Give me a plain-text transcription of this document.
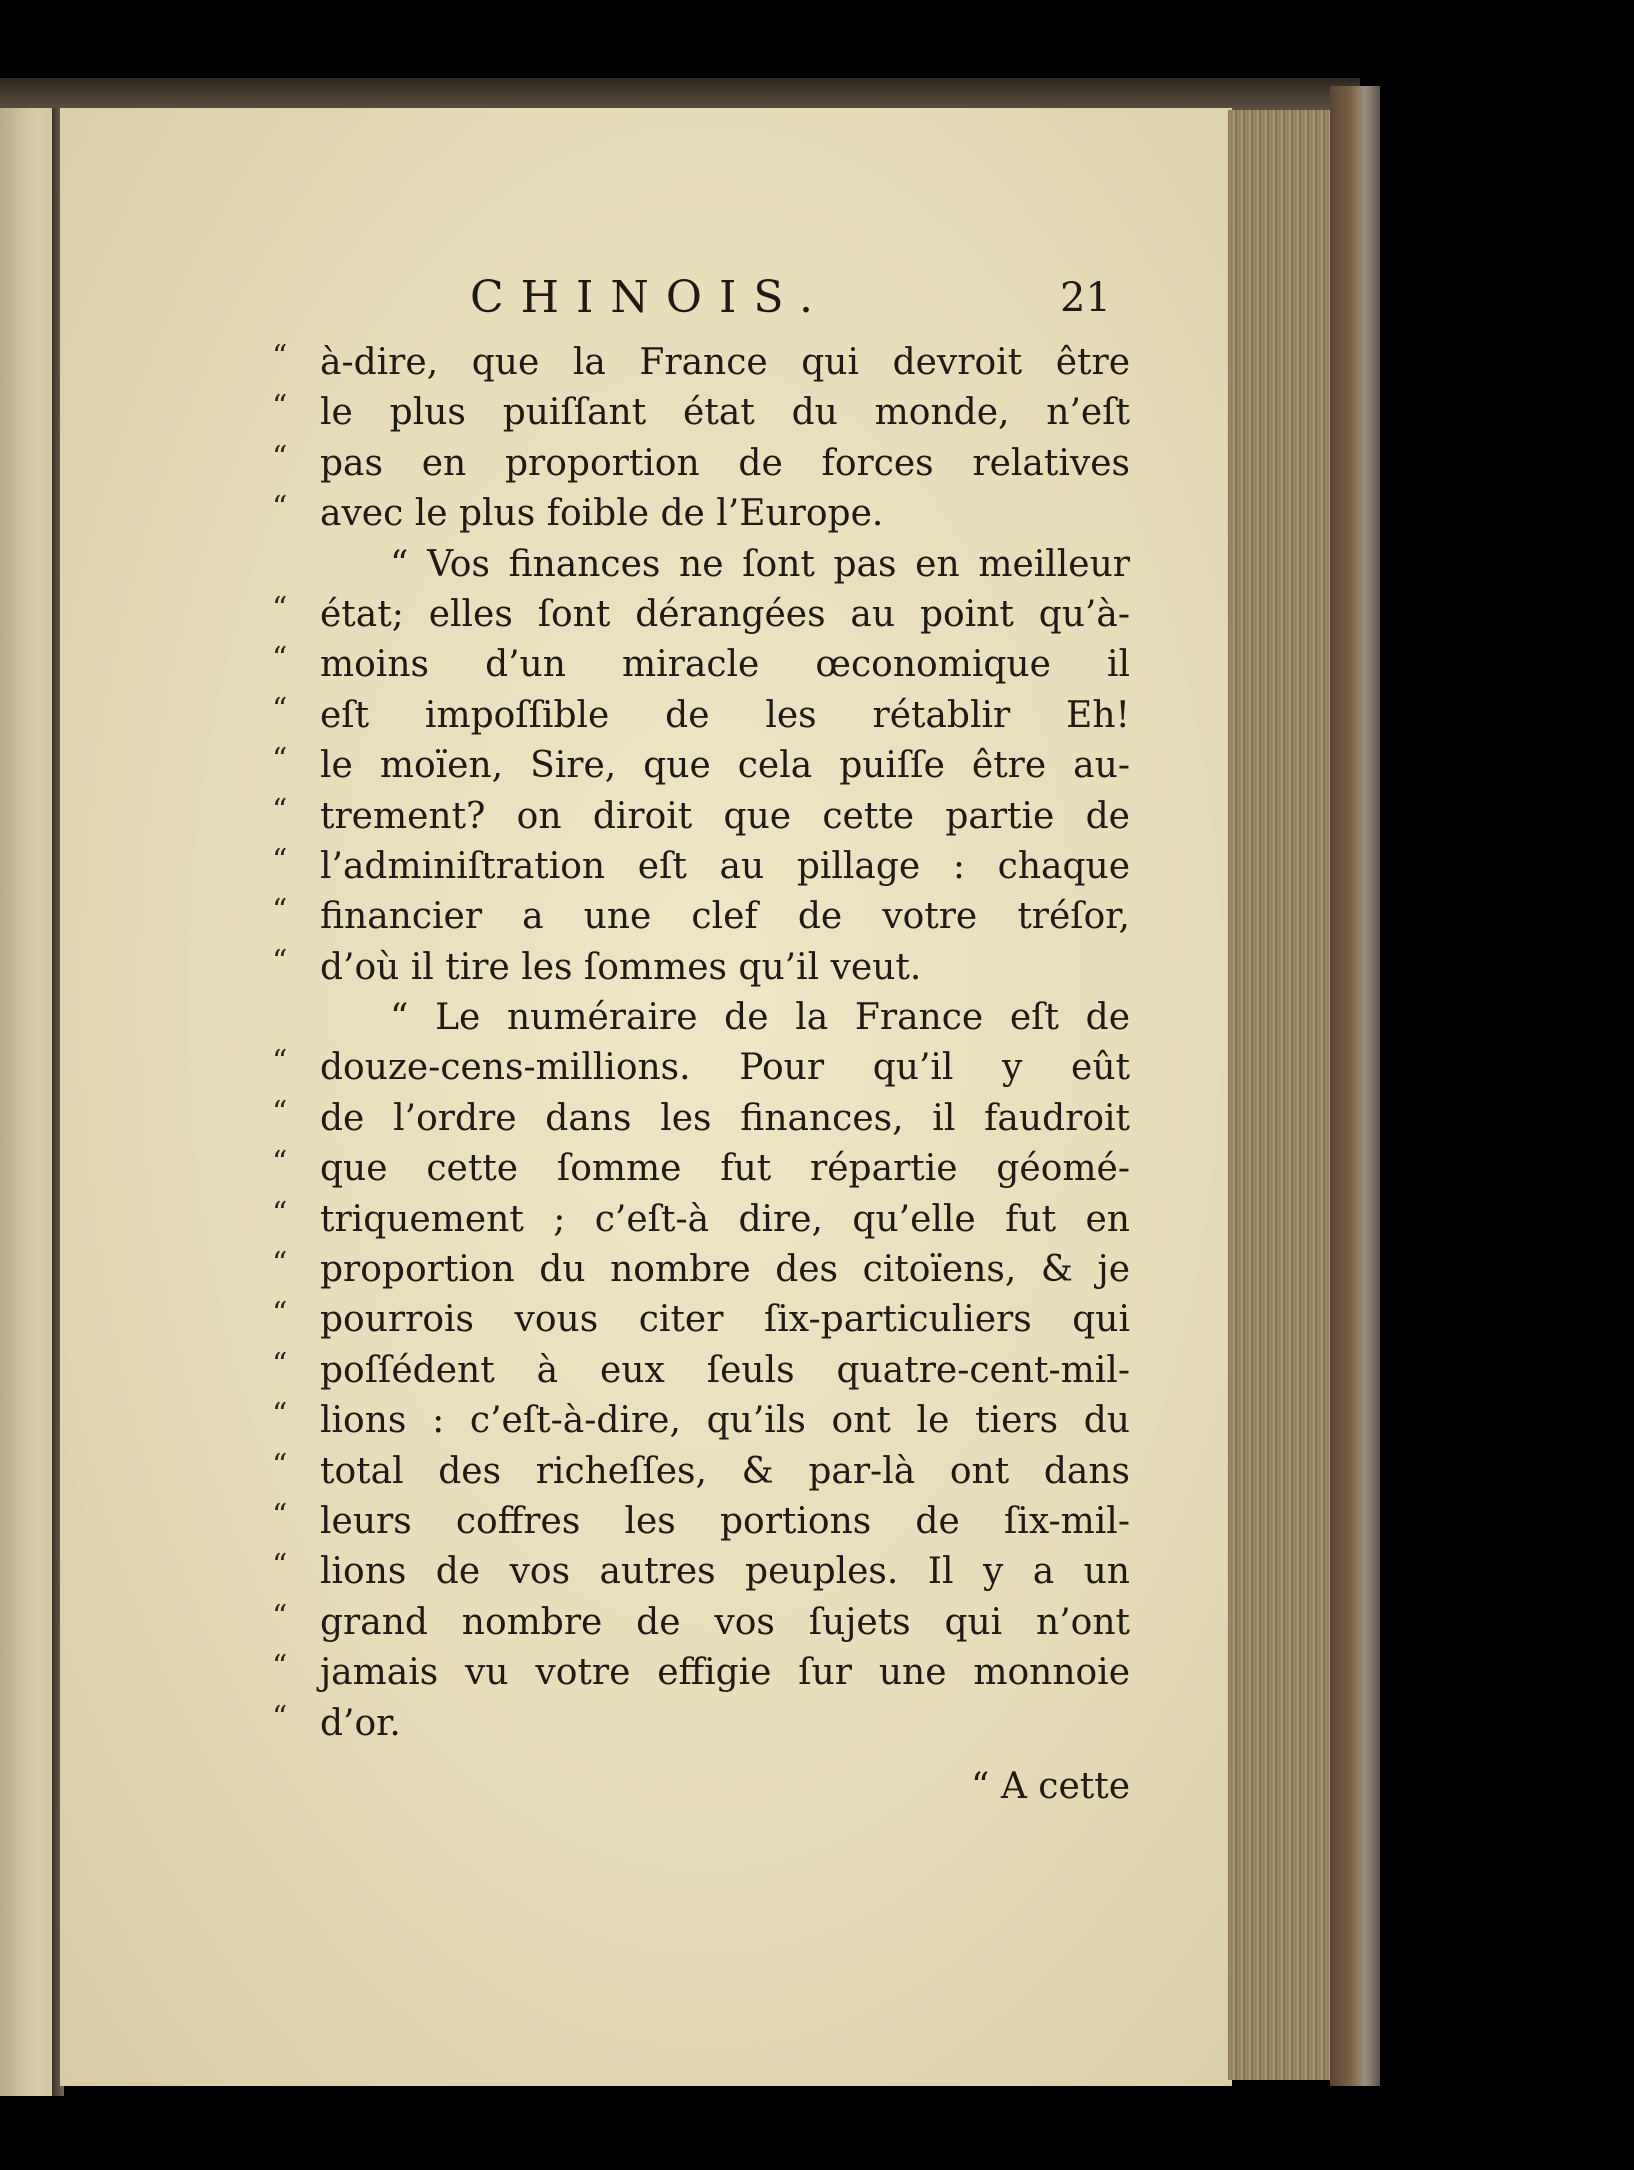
CHINOIS.	21
“ à-dire, que la France qui devroit être
“ le plus puiſſant état du monde, n’eſt
“ pas en proportion de forces relatives
“ avec le plus foible de l’Europe.
“ Vos finances ne ſont pas en meilleur
“ état; elles ſont dérangées au point qu’à-
“ moins d’un miracle œconomique il
“ eſt impoſſible de les rétablir Eh!
“ le moïen, Sire, que cela puiſſe être au-
“ trement? on diroit que cette partie de
“ l’adminiſtration eſt au pillage : chaque
“ financier a une clef de votre tréſor,
“ d’où il tire les ſommes qu’il veut.
“ Le numéraire de la France eſt de
“ douze-cens-millions. Pour qu’il y eût
“ de l’ordre dans les finances, il faudroit
“ que cette ſomme fut répartie géomé-
“ triquement ; c’eſt-à dire, qu’elle fut en
“ proportion du nombre des citoïens, & je
“ pourrois vous citer ſix-particuliers qui
“ poſſédent à eux ſeuls quatre-cent-mil-
“ lions : c’eſt-à-dire, qu’ils ont le tiers du
“ total des richeſſes, & par-là ont dans
“ leurs coffres les portions de ſix-mil-
“ lions de vos autres peuples. Il y a un
“ grand nombre de vos ſujets qui n’ont
“ jamais vu votre effigie ſur une monnoie
“ d’or.
“ A cette
